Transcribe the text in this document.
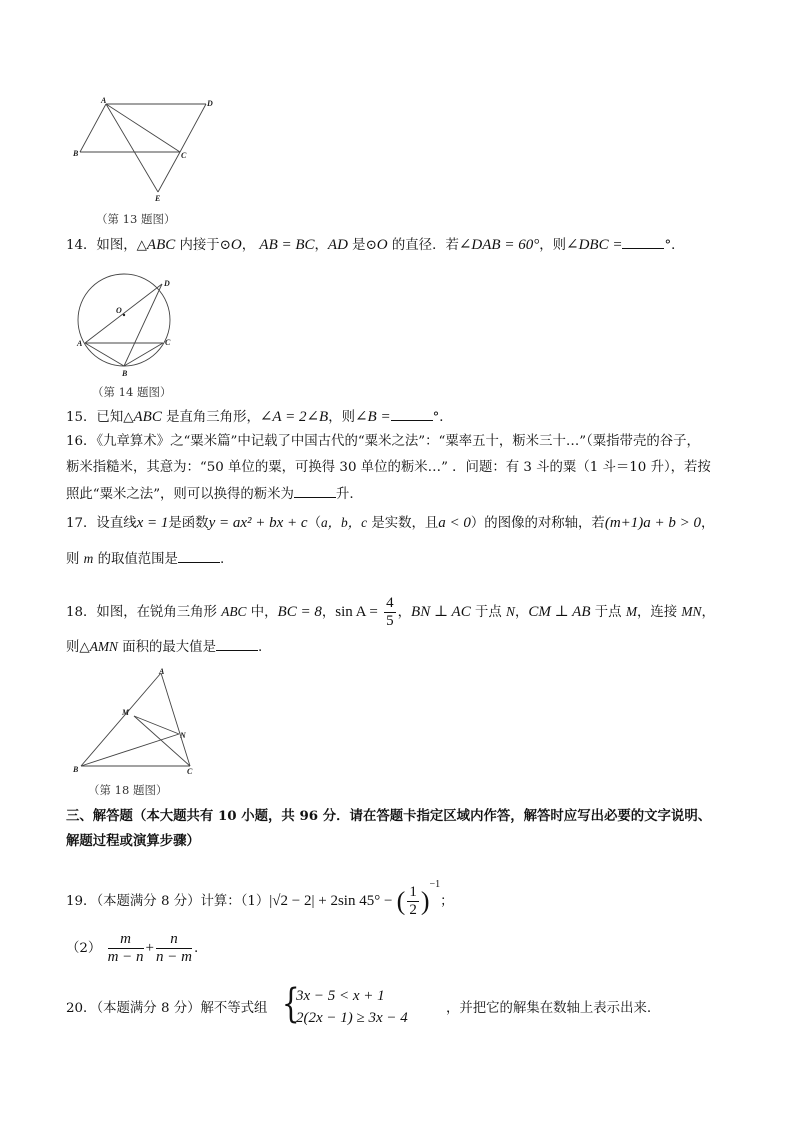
A	D
B	C
E
（第 13 题图）
14．如图，△ABC 内接于⊙O， AB = BC，AD 是⊙O 的直径．若∠DAB = 60°，则∠DBC =	°．
D
O
A	C
B
（第 14 题图）
15．已知△ABC 是直角三角形，∠A = 2∠B，则∠B =	°．
16．《九章算术》之“粟米篇”中记载了中国古代的“粟米之法”：“粟率五十，粝米三十…”（粟指带壳的谷子，
粝米指糙米，其意为：“50 单位的粟，可换得 30 单位的粝米…” ．问题：有 3 斗的粟（1 斗＝10 升），若按
照此“粟米之法”，则可以换得的粝米为	升.
17．设直线x = 1是函数y = ax² + bx + c（a，b，c 是实数，且a < 0）的图像的对称轴，若(m+1)a + b > 0，
则 m 的取值范围是	.
18．如图，在锐角三角形 ABC 中，BC = 8，$\sin A = \frac{4}{5}$ ，BN ⊥ AC 于点 N，CM ⊥ AB 于点 M，连接 MN，
则△AMN 面积的最大值是	.
A
M
N
B	C
（第 18 题图）
三、解答题（本大题共有 10 小题，共 96 分．请在答题卡指定区域内作答，解答时应写出必要的文字说明、
解题过程或演算步骤）
19．（本题满分 8 分）计算：（1）|√2 − 2| + 2sin 45° − ( $\frac{1}{2} )^{-1}$；
$(2) \frac{m}{m - n} + \frac{n}{n - m}$ .
20．（本题满分 8 分）解不等式组 {
3x − 5 < x + 1
2(2x − 1) ≥ 3x − 4
，并把它的解集在数轴上表示出来.
